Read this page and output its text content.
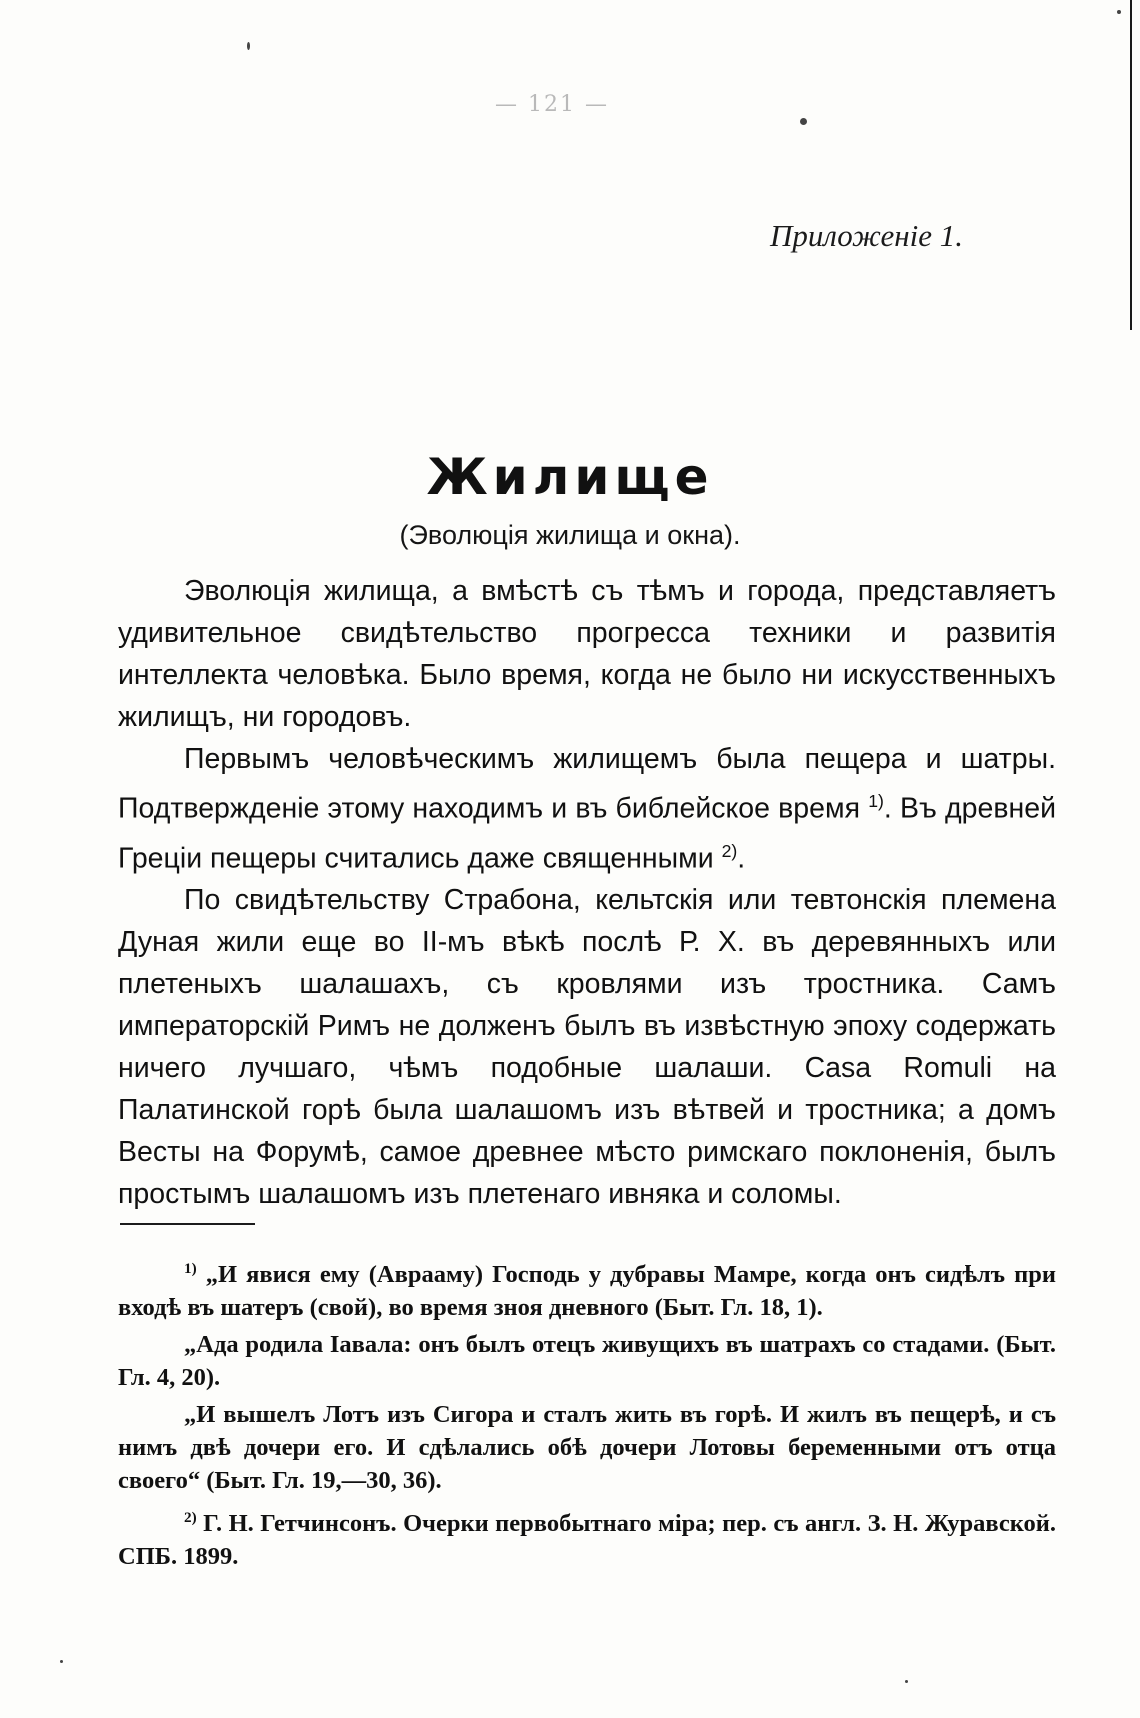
— 121 —
Приложеніе 1.
Жилище
(Эволюція жилища и окна).

Эволюція жилища, а вмѣстѣ съ тѣмъ и города, представляетъ удивительное свидѣтельство прогресса техники и развитія интеллекта человѣка. Было время, когда не было ни искусственныхъ жилищъ, ни городовъ.

Первымъ человѣческимъ жилищемъ была пещера и шатры. Подтвержденіе этому находимъ и въ библейское время $^{1)}$. Въ древней Греціи пещеры считались даже священными $^{2)}$.

По свидѣтельству Страбона, кельтскія или тевтонскія племена Дуная жили еще во II-мъ вѣкѣ послѣ Р. Х. въ деревянныхъ или плетеныхъ шалашахъ, съ кровлями изъ тростника. Самъ императорскій Римъ не долженъ былъ въ извѣстную эпоху содержать ничего лучшаго, чѣмъ подобные шалаши. Casa Romuli на Палатинской горѣ была шалашомъ изъ вѣтвей и тростника; а домъ Весты на Форумѣ, самое древнее мѣсто римскаго поклоненія, былъ простымъ шалашомъ изъ плетенаго ивняка и соломы.

$^{1)}$ „И явися ему (Аврааму) Господь у дубравы Мамре, когда онъ сидѣлъ при входѣ въ шатеръ (свой), во время зноя дневного (Быт. Гл. 18, 1).

„Ада родила Іавала: онъ былъ отецъ живущихъ въ шатрахъ со стадами. (Быт. Гл. 4, 20).

„И вышелъ Лотъ изъ Сигора и сталъ жить въ горѣ. И жилъ въ пещерѣ, и съ нимъ двѣ дочери его. И сдѣлались обѣ дочери Лотовы беременными отъ отца своего“ (Быт. Гл. 19,—30, 36).

$^{2)}$ Г. Н. Гетчинсонъ. Очерки первобытнаго міра; пер. съ англ. З. Н. Журавской. СПБ. 1899.
